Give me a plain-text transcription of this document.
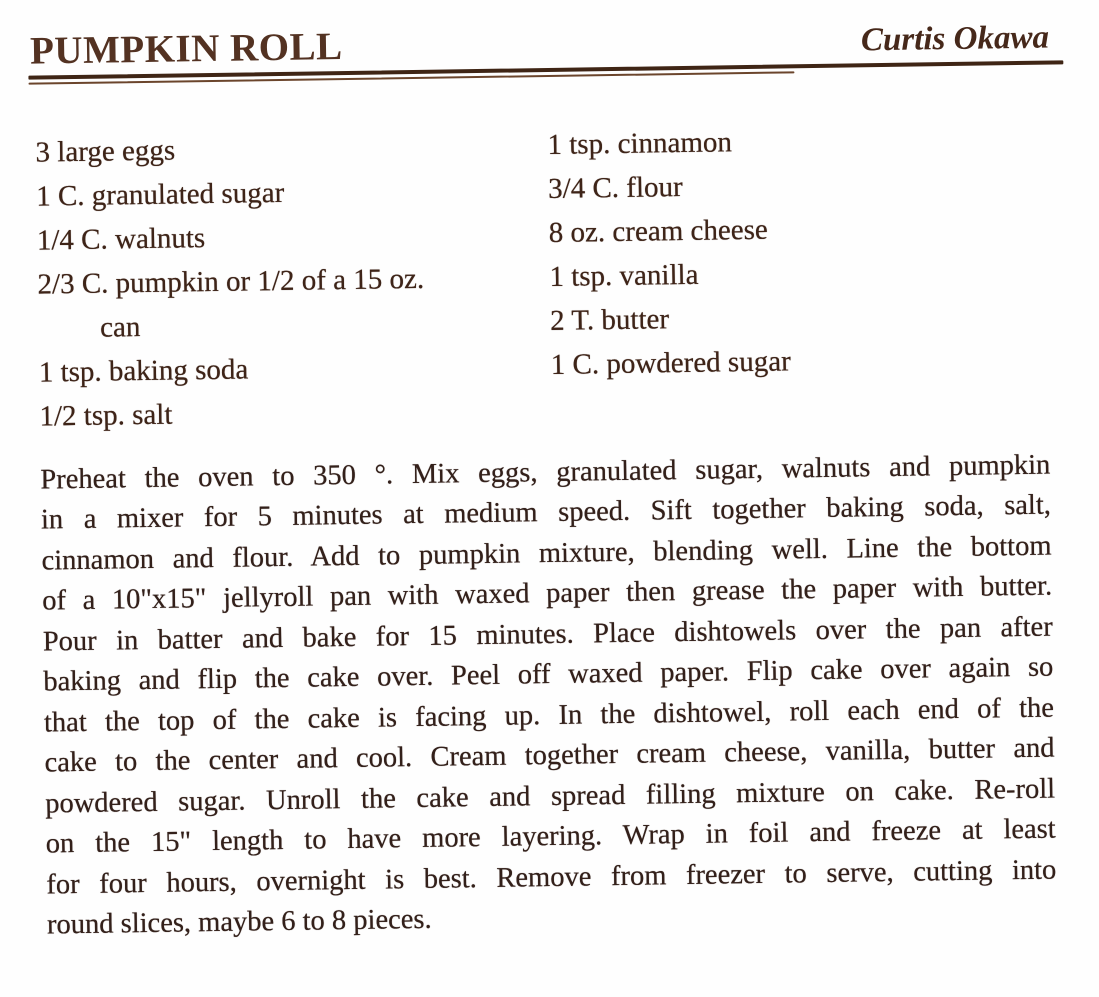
PUMPKIN ROLL	Curtis Okawa
3 large eggs
1 C. granulated sugar
1/4 C. walnuts
2/3 C. pumpkin or 1/2 of a 15 oz.
can
1 tsp. baking soda
1/2 tsp. salt
1 tsp. cinnamon
3/4 C. flour
8 oz. cream cheese
1 tsp. vanilla
2 T. butter
1 C. powdered sugar
Preheat the oven to 350 °. Mix eggs, granulated sugar, walnuts and pumpkin
in a mixer for 5 minutes at medium speed. Sift together baking soda, salt,
cinnamon and flour. Add to pumpkin mixture, blending well. Line the bottom
of a 10"x15" jellyroll pan with waxed paper then grease the paper with butter.
Pour in batter and bake for 15 minutes. Place dishtowels over the pan after
baking and flip the cake over. Peel off waxed paper. Flip cake over again so
that the top of the cake is facing up. In the dishtowel, roll each end of the
cake to the center and cool. Cream together cream cheese, vanilla, butter and
powdered sugar. Unroll the cake and spread filling mixture on cake. Re-roll
on the 15" length to have more layering. Wrap in foil and freeze at least
for four hours, overnight is best. Remove from freezer to serve, cutting into
round slices, maybe 6 to 8 pieces.
